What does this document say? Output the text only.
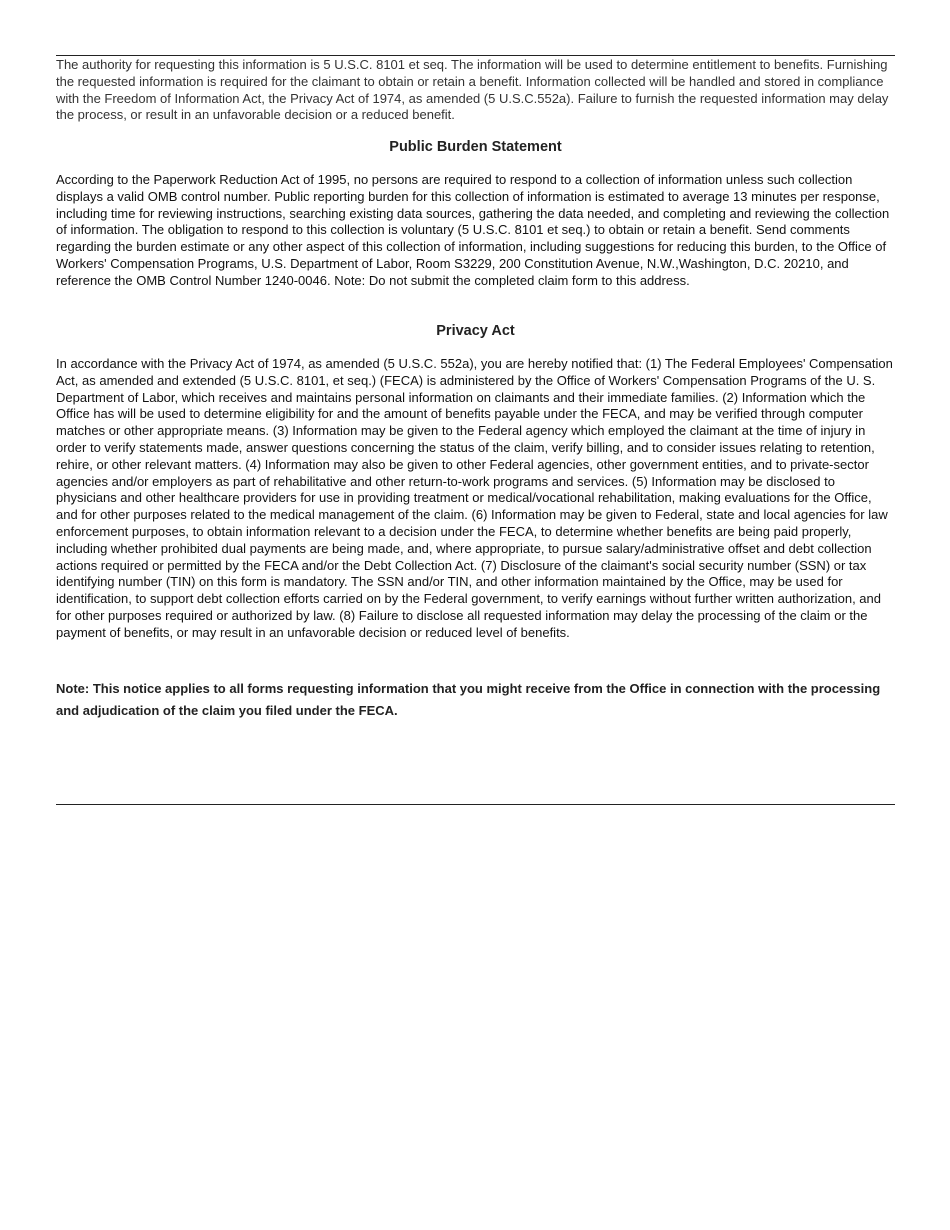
The authority for requesting this information is 5 U.S.C. 8101 et seq. The information will be used to determine entitlement to benefits. Furnishing the requested information is required for the claimant to obtain or retain a benefit. Information collected will be handled and stored in compliance with the Freedom of Information Act, the Privacy Act of 1974, as amended (5 U.S.C.552a). Failure to furnish the requested information may delay the process, or result in an unfavorable decision or a reduced benefit.

Public Burden Statement

According to the Paperwork Reduction Act of 1995, no persons are required to respond to a collection of information unless such collection displays a valid OMB control number. Public reporting burden for this collection of information is estimated to average 13 minutes per response, including time for reviewing instructions, searching existing data sources, gathering the data needed, and completing and reviewing the collection of information. The obligation to respond to this collection is voluntary (5 U.S.C. 8101 et seq.) to obtain or retain a benefit. Send comments regarding the burden estimate or any other aspect of this collection of information, including suggestions for reducing this burden, to the Office of Workers' Compensation Programs, U.S. Department of Labor, Room S3229, 200 Constitution Avenue, N.W.,Washington, D.C. 20210, and reference the OMB Control Number 1240-0046. Note: Do not submit the completed claim form to this address.

Privacy Act

In accordance with the Privacy Act of 1974, as amended (5 U.S.C. 552a), you are hereby notified that: (1) The Federal Employees' Compensation Act, as amended and extended (5 U.S.C. 8101, et seq.) (FECA) is administered by the Office of Workers' Compensation Programs of the U. S. Department of Labor, which receives and maintains personal information on claimants and their immediate families. (2) Information which the Office has will be used to determine eligibility for and the amount of benefits payable under the FECA, and may be verified through computer matches or other appropriate means. (3) Information may be given to the Federal agency which employed the claimant at the time of injury in order to verify statements made, answer questions concerning the status of the claim, verify billing, and to consider issues relating to retention, rehire, or other relevant matters. (4) Information may also be given to other Federal agencies, other government entities, and to private-sector agencies and/or employers as part of rehabilitative and other return-to-work programs and services. (5) Information may be disclosed to physicians and other healthcare providers for use in providing treatment or medical/vocational rehabilitation, making evaluations for the Office, and for other purposes related to the medical management of the claim. (6) Information may be given to Federal, state and local agencies for law enforcement purposes, to obtain information relevant to a decision under the FECA, to determine whether benefits are being paid properly, including whether prohibited dual payments are being made, and, where appropriate, to pursue salary/administrative offset and debt collection actions required or permitted by the FECA and/or the Debt Collection Act. (7) Disclosure of the claimant's social security number (SSN) or tax identifying number (TIN) on this form is mandatory. The SSN and/or TIN, and other information maintained by the Office, may be used for identification, to support debt collection efforts carried on by the Federal government, to verify earnings without further written authorization, and for other purposes required or authorized by law. (8) Failure to disclose all requested information may delay the processing of the claim or the payment of benefits, or may result in an unfavorable decision or reduced level of benefits.

Note: This notice applies to all forms requesting information that you might receive from the Office in connection with the processing and adjudication of the claim you filed under the FECA.
